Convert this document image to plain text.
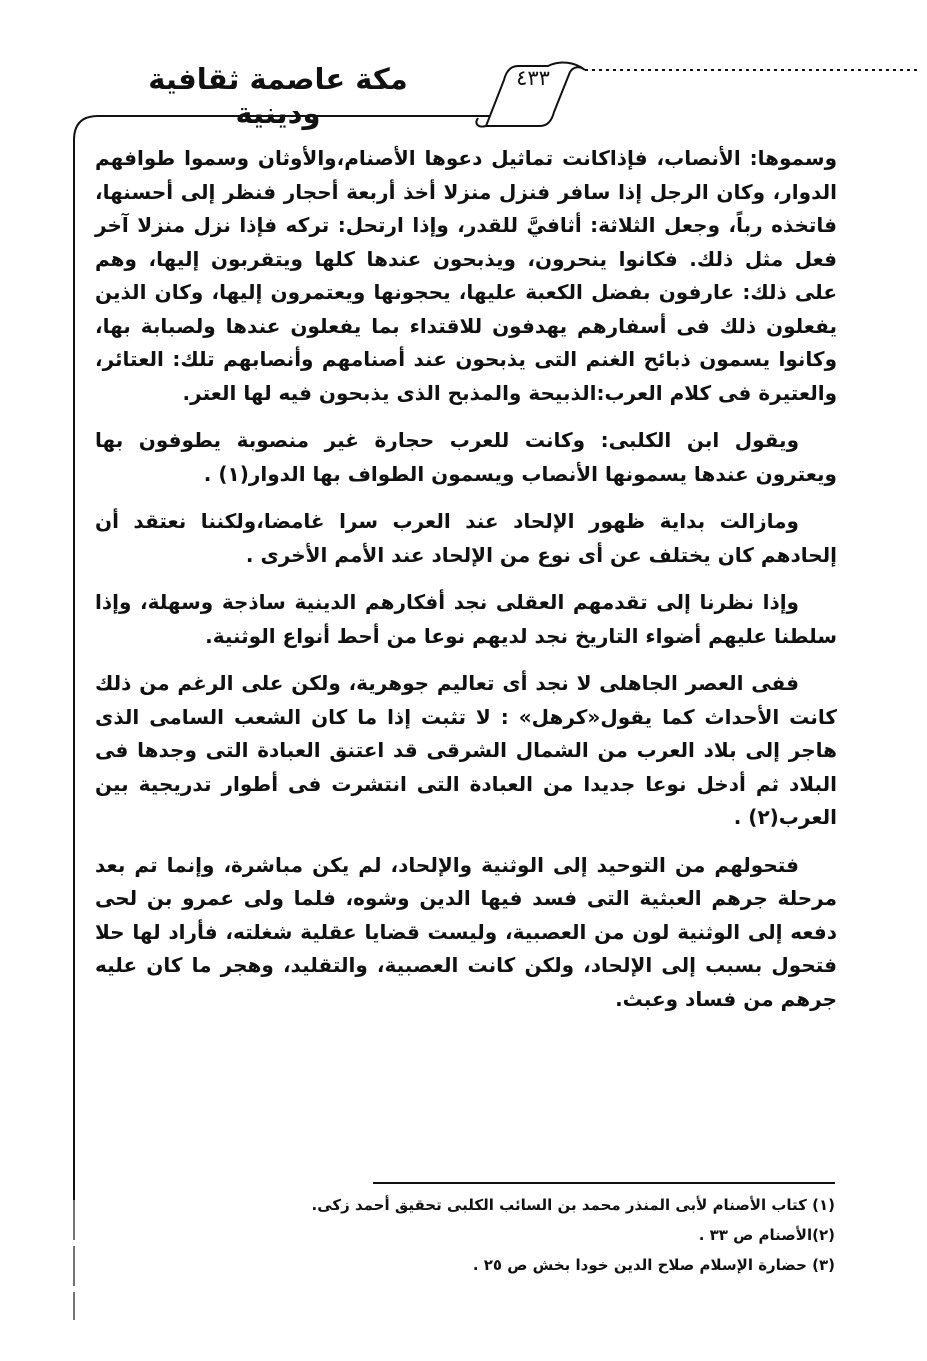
مكة عاصمة ثقافية ودينية
٤٣٣

وسموها: الأنصاب، فإذاكانت تماثيل دعوها الأصنام،والأوثان وسموا طوافهم الدوار، وكان الرجل إذا سافر فنزل منزلا أخذ أربعة أحجار فنظر إلى أحسنها، فاتخذه رباً، وجعل الثلاثة: أثافيَّ للقدر، وإذا ارتحل: تركه فإذا نزل منزلا آخر فعل مثل ذلك. فكانوا ينحرون، ويذبحون عندها كلها ويتقربون إليها، وهم على ذلك: عارفون بفضل الكعبة عليها، يحجونها ويعتمرون إليها، وكان الذين يفعلون ذلك فى أسفارهم يهدفون للاقتداء بما يفعلون عندها ولصبابة بها، وكانوا يسمون ذبائح الغنم التى يذبحون عند أصنامهم وأنصابهم تلك: العتائر، والعتيرة فى كلام العرب:الذبيحة والمذبح الذى يذبحون فيه لها العتر.

ويقول ابن الكلبى: وكانت للعرب حجارة غير منصوبة يطوفون بها ويعترون عندها يسمونها الأنصاب ويسمون الطواف بها الدوار(١) .

ومازالت بداية ظهور الإلحاد عند العرب سرا غامضا،ولكننا نعتقد أن إلحادهم كان يختلف عن أى نوع من الإلحاد عند الأمم الأخرى .

وإذا نظرنا إلى تقدمهم العقلى نجد أفكارهم الدينية ساذجة وسهلة، وإذا سلطنا عليهم أضواء التاريخ نجد لديهم نوعا من أحط أنواع الوثنية.

ففى العصر الجاهلى لا نجد أى تعاليم جوهرية، ولكن على الرغم من ذلك كانت الأحداث كما يقول«كرهل» : لا تثبت إذا ما كان الشعب السامى الذى هاجر إلى بلاد العرب من الشمال الشرقى قد اعتنق العبادة التى وجدها فى البلاد ثم أدخل نوعا جديدا من العبادة التى انتشرت فى أطوار تدريجية بين العرب(٢) .

فتحولهم من التوحيد إلى الوثنية والإلحاد، لم يكن مباشرة، وإنما تم بعد مرحلة جرهم العبثية التى فسد فيها الدين وشوه، فلما ولى عمرو بن لحى دفعه إلى الوثنية لون من العصبية، وليست قضايا عقلية شغلته، فأراد لها حلا فتحول بسبب إلى الإلحاد، ولكن كانت العصبية، والتقليد، وهجر ما كان عليه جرهم من فساد وعبث.

(١) كتاب الأصنام لأبى المنذر محمد بن السائب الكلبى تحقيق أحمد زكى.

(٢)الأصنام ص ٣٣ .

(٣) حضارة الإسلام صلاح الدين خودا بخش ص ٢٥ .
